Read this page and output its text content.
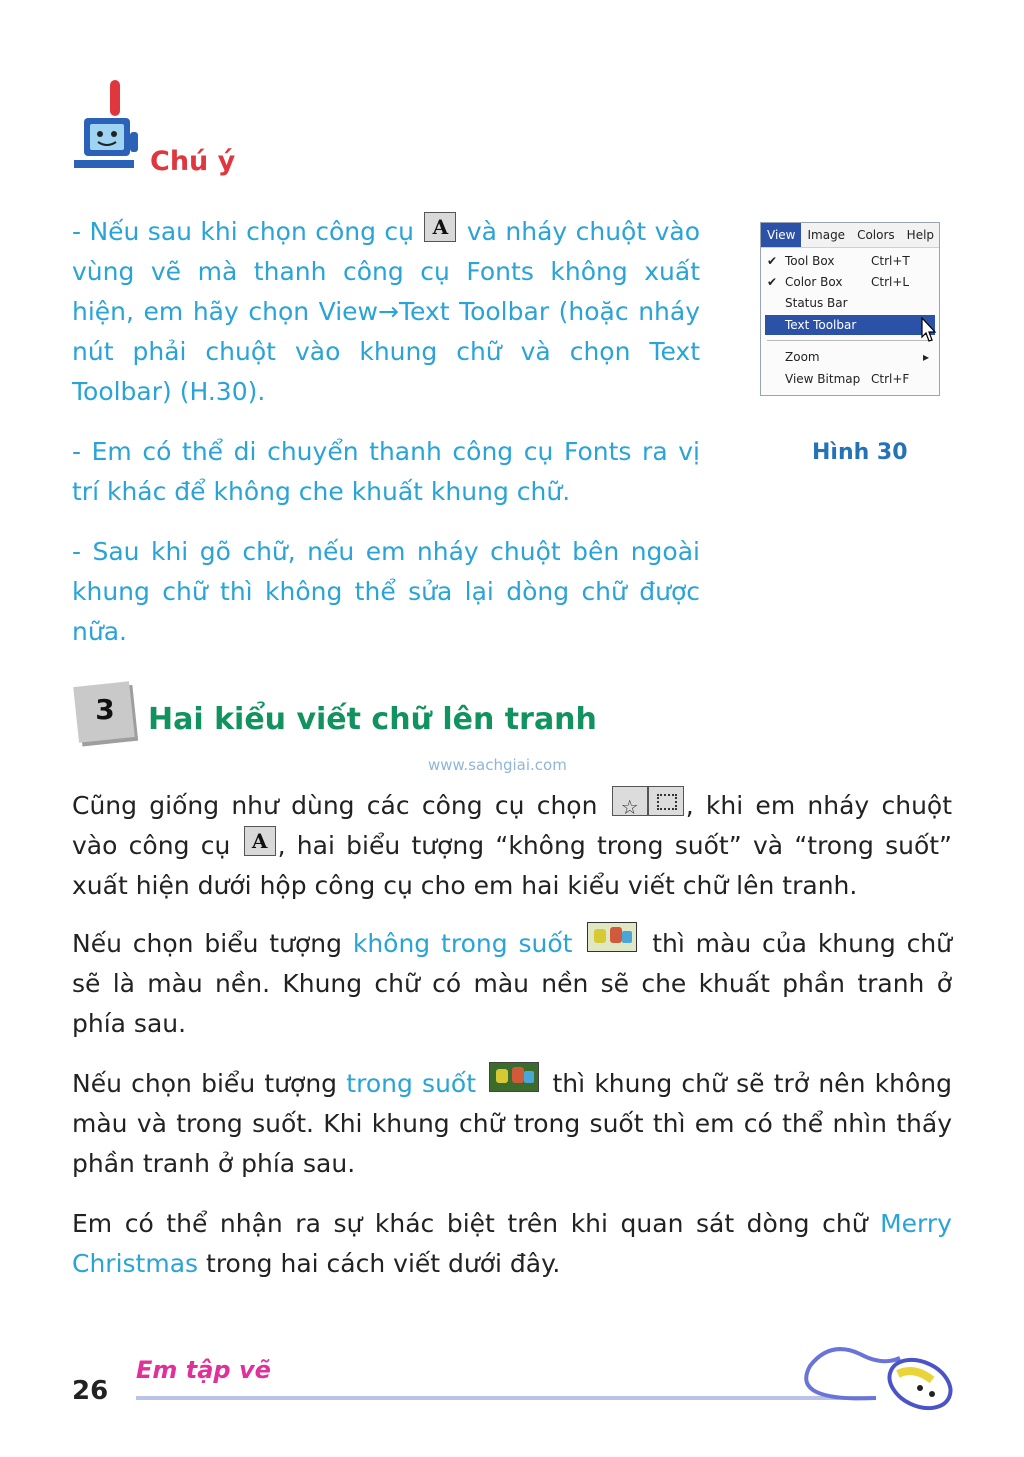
Chú ý

- Nếu sau khi chọn công cụ A và nháy chuột vào vùng vẽ mà thanh công cụ Fonts không xuất hiện, em hãy chọn View→Text Toolbar (hoặc nháy nút phải chuột vào khung chữ và chọn Text Toolbar) (H.30).

- Em có thể di chuyển thanh công cụ Fonts ra vị trí khác để không che khuất khung chữ.

- Sau khi gõ chữ, nếu em nháy chuột bên ngoài khung chữ thì không thể sửa lại dòng chữ được nữa.

View	Image	Colors	Help
✔ Tool Box	Ctrl+T
✔ Color Box Ctrl+L
Status Bar
Text Toolbar
Zoom	▸
View Bitmap Ctrl+F
Hình 30
3 Hai kiểu viết chữ lên tranh
www.sachgiai.com

Cũng giống như dùng các công cụ chọn
☆	, khi em nháy chuột vào công cụ A , hai biểu tượng “không trong suốt” và “trong suốt” xuất hiện dưới hộp công cụ cho em hai kiểu viết chữ lên tranh.

Nếu chọn biểu tượng không trong suốt	thì màu của khung chữ sẽ là màu nền. Khung chữ có màu nền sẽ che khuất phần tranh ở phía sau.

Nếu chọn biểu tượng trong suốt	thì khung chữ sẽ trở nên không màu và trong suốt. Khi khung chữ trong suốt thì em có thể nhìn thấy phần tranh ở phía sau.

Em có thể nhận ra sự khác biệt trên khi quan sát dòng chữ Merry Christmas trong hai cách viết dưới đây.

26
Em tập vẽ
